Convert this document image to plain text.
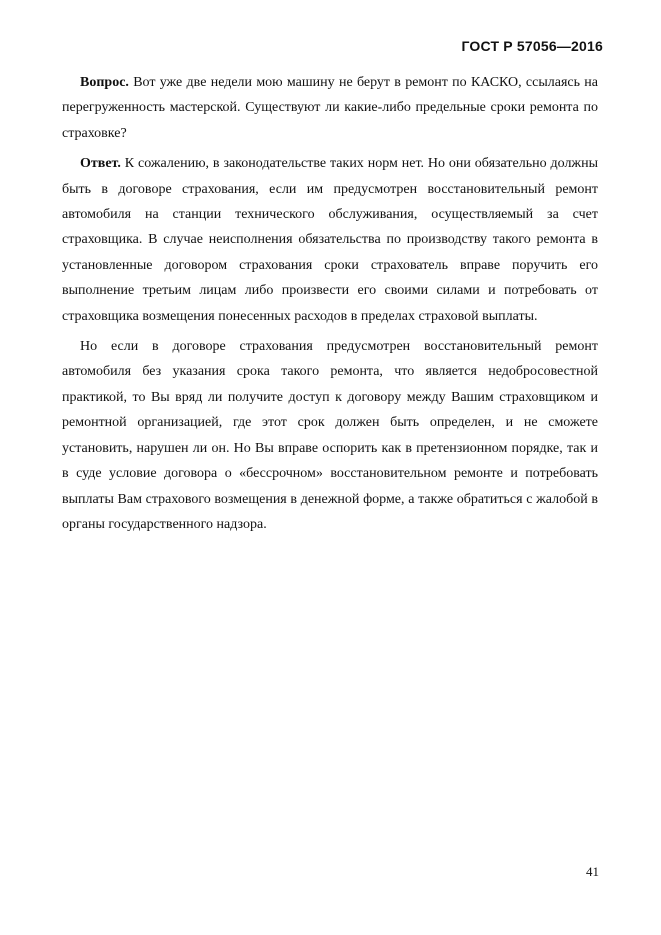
ГОСТ Р 57056—2016

Вопрос. Вот уже две недели мою машину не берут в ремонт по КАСКО, ссылаясь на перегруженность мастерской. Существуют ли какие-либо предельные сроки ремонта по страховке?

Ответ. К сожалению, в законодательстве таких норм нет. Но они обязательно должны быть в договоре страхования, если им предусмотрен восстановительный ремонт автомобиля на станции технического обслуживания, осуществляемый за счет страховщика. В случае неисполнения обязательства по производству такого ремонта в установленные договором страхования сроки страхователь вправе поручить его выполнение третьим лицам либо произвести его своими силами и потребовать от страховщика возмещения понесенных расходов в пределах страховой выплаты.

Но если в договоре страхования предусмотрен восстановительный ремонт автомобиля без указания срока такого ремонта, что является недобросовестной практикой, то Вы вряд ли получите доступ к договору между Вашим страховщиком и ремонтной организацией, где этот срок должен быть определен, и не сможете установить, нарушен ли он. Но Вы вправе оспорить как в претензионном порядке, так и в суде условие договора о «бессрочном» восстановительном ремонте и потребовать выплаты Вам страхового возмещения в денежной форме, а также обратиться с жалобой в органы государственного надзора.

41
